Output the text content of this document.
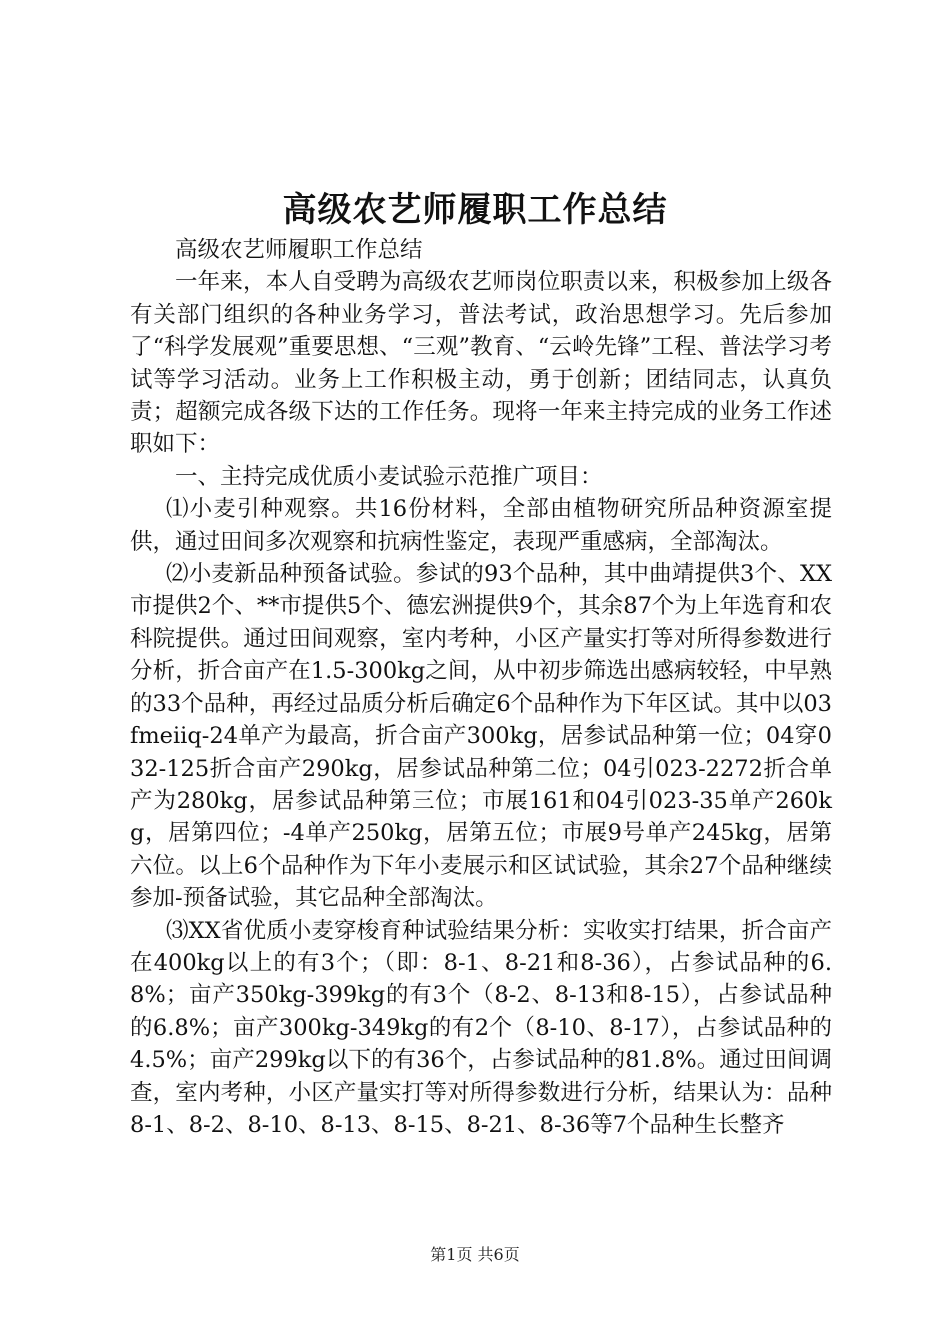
高级农艺师履职工作总结

高级农艺师履职工作总结

一年来，本人自受聘为高级农艺师岗位职责以来，积极参加上级各有关部门组织的各种业务学习，普法考试，政治思想学习。先后参加了“科学发展观”重要思想、“三观”教育、“云岭先锋”工程、普法学习考试等学习活动。业务上工作积极主动，勇于创新；团结同志，认真负责；超额完成各级下达的工作任务。现将一年来主持完成的业务工作述职如下：

一、主持完成优质小麦试验示范推广项目：

⑴小麦引种观察。共16份材料，全部由植物研究所品种资源室提供，通过田间多次观察和抗病性鉴定，表现严重感病，全部淘汰。

⑵小麦新品种预备试验。参试的93个品种，其中曲靖提供3个、XX市提供2个、**市提供5个、德宏洲提供9个，其余87个为上年选育和农科院提供。通过田间观察，室内考种，小区产量实打等对所得参数进行分析，折合亩产在1.5-300kg之间，从中初步筛选出感病较轻，中早熟的33个品种，再经过品质分析后确定6个品种作为下年区试。其中以03fmeiiq-24单产为最高，折合亩产300kg，居参试品种第一位；04穿032-125折合亩产290kg，居参试品种第二位；04引023-2272折合单产为280kg，居参试品种第三位；市展161和04引023-35单产260kg，居第四位；-4单产250kg，居第五位；市展9号单产245kg，居第六位。以上6个品种作为下年小麦展示和区试试验，其余27个品种继续参加-预备试验，其它品种全部淘汰。

⑶XX省优质小麦穿梭育种试验结果分析：实收实打结果，折合亩产在400kg以上的有3个；（即：8-1、8-21和8-36），占参试品种的6.8%；亩产350kg-399kg的有3个（8-2、8-13和8-15），占参试品种的6.8%；亩产300kg-349kg的有2个（8-10、8-17），占参试品种的4.5%；亩产299kg以下的有36个，占参试品种的81.8%。通过田间调查，室内考种，小区产量实打等对所得参数进行分析，结果认为：品种8-1、8-2、8-10、8-13、8-15、8-21、8-36等7个品种生长整齐

第1页 共6页
